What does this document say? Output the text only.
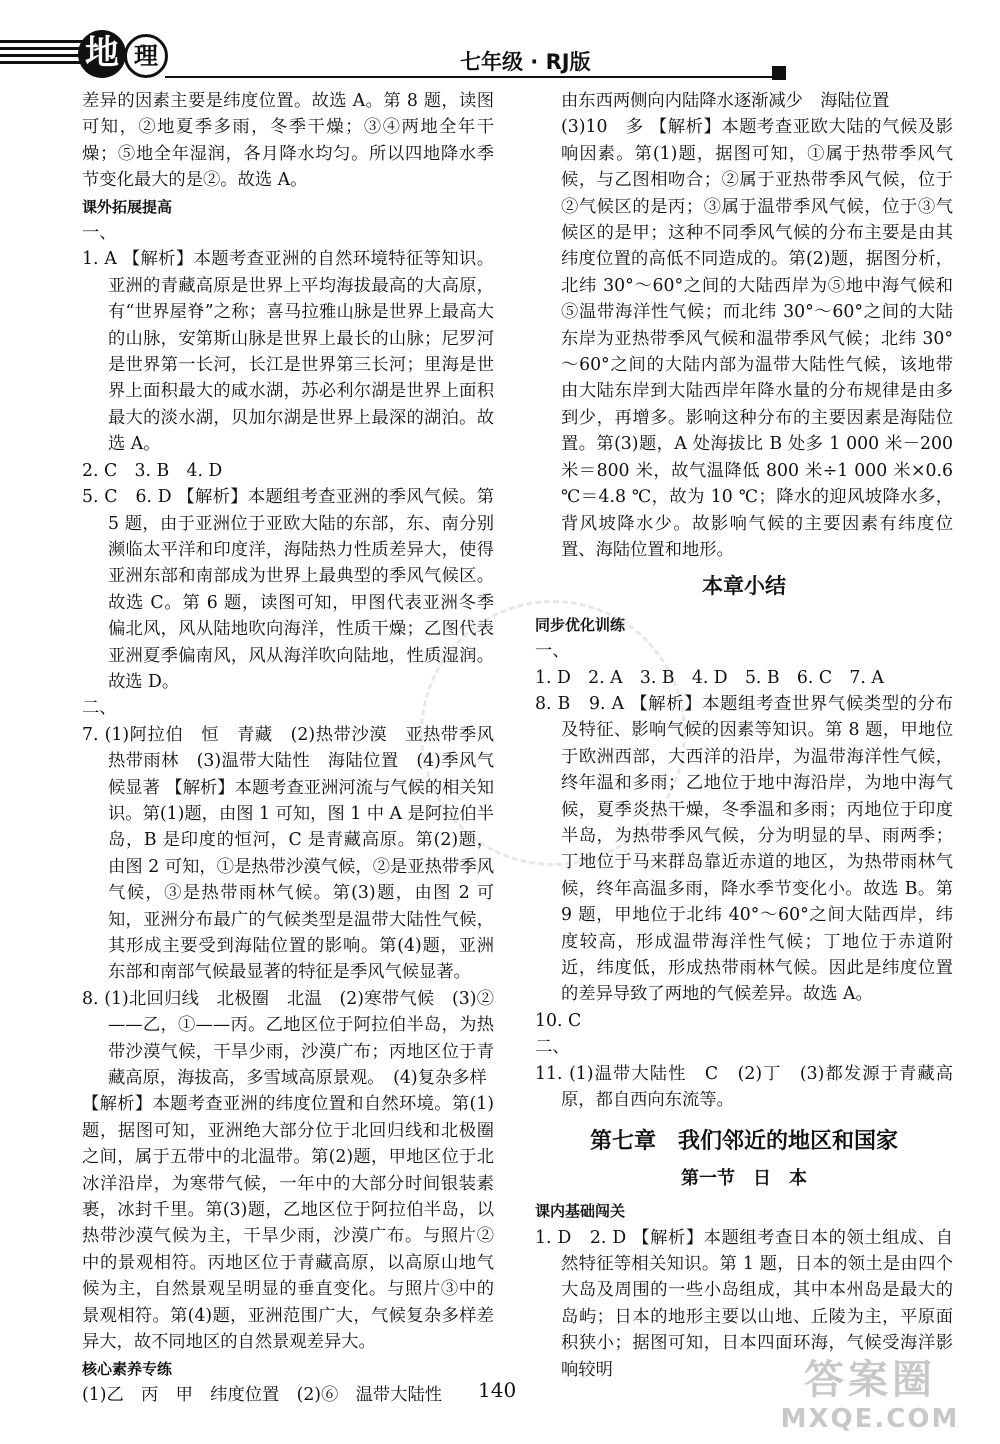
地 理	七年级 · RJ版

差异的因素主要是纬度位置。故选 A。第 8 题，读图可知，②地夏季多雨，冬季干燥；③④两地全年干燥；⑤地全年湿润，各月降水均匀。所以四地降水季节变化最大的是②。故选 A。

课外拓展提高

一、

1. A 【解析】本题考查亚洲的自然环境特征等知识。亚洲的青藏高原是世界上平均海拔最高的大高原，有“世界屋脊”之称；喜马拉雅山脉是世界上最高大的山脉，安第斯山脉是世界上最长的山脉；尼罗河是世界第一长河，长江是世界第三长河；里海是世界上面积最大的咸水湖，苏必利尔湖是世界上面积最大的淡水湖，贝加尔湖是世界上最深的湖泊。故选 A。

2. C　3. B　4. D

5. C　6. D 【解析】本题组考查亚洲的季风气候。第 5 题，由于亚洲位于亚欧大陆的东部，东、南分别濒临太平洋和印度洋，海陆热力性质差异大，使得亚洲东部和南部成为世界上最典型的季风气候区。故选 C。第 6 题，读图可知，甲图代表亚洲冬季偏北风，风从陆地吹向海洋，性质干燥；乙图代表亚洲夏季偏南风，风从海洋吹向陆地，性质湿润。故选 D。

二、

7. (1)阿拉伯　恒　青藏　(2)热带沙漠　亚热带季风　热带雨林　(3)温带大陆性　海陆位置　(4)季风气候显著 【解析】本题考查亚洲河流与气候的相关知识。第(1)题，由图 1 可知，图 1 中 A 是阿拉伯半岛，B 是印度的恒河，C 是青藏高原。第(2)题，由图 2 可知，①是热带沙漠气候，②是亚热带季风气候，③是热带雨林气候。第(3)题，由图 2 可知，亚洲分布最广的气候类型是温带大陆性气候，其形成主要受到海陆位置的影响。第(4)题，亚洲东部和南部气候最显著的特征是季风气候显著。

8. (1)北回归线　北极圈　北温　(2)寒带气候　(3)②——乙，①——丙。乙地区位于阿拉伯半岛，为热带沙漠气候，干旱少雨，沙漠广布；丙地区位于青藏高原，海拔高，多雪域高原景观。　(4)复杂多样

【解析】本题考查亚洲的纬度位置和自然环境。第(1)题，据图可知，亚洲绝大部分位于北回归线和北极圈之间，属于五带中的北温带。第(2)题，甲地区位于北冰洋沿岸，为寒带气候，一年中的大部分时间银装素裹，冰封千里。第(3)题，乙地区位于阿拉伯半岛，以热带沙漠气候为主，干旱少雨，沙漠广布。与照片②中的景观相符。丙地区位于青藏高原，以高原山地气候为主，自然景观呈明显的垂直变化。与照片③中的景观相符。第(4)题，亚洲范围广大，气候复杂多样差异大，故不同地区的自然景观差异大。

核心素养专练

(1)乙　丙　甲　纬度位置　(2)⑥　温带大陆性

由东西两侧向内陆降水逐渐减少　海陆位置

(3)10　多 【解析】本题考查亚欧大陆的气候及影响因素。第(1)题，据图可知，①属于热带季风气候，与乙图相吻合；②属于亚热带季风气候，位于②气候区的是丙；③属于温带季风气候，位于③气候区的是甲；这种不同季风气候的分布主要是由其纬度位置的高低不同造成的。第(2)题，据图分析，北纬 30°～60°之间的大陆西岸为⑤地中海气候和⑤温带海洋性气候；而北纬 30°～60°之间的大陆东岸为亚热带季风气候和温带季风气候；北纬 30°～60°之间的大陆内部为温带大陆性气候，该地带由大陆东岸到大陆西岸年降水量的分布规律是由多到少，再增多。影响这种分布的主要因素是海陆位置。第(3)题，A 处海拔比 B 处多 1 000 米－200 米＝800 米，故气温降低 800 米÷1 000 米×0.6 ℃＝4.8 ℃，故为 10 ℃；降水的迎风坡降水多，背风坡降水少。故影响气候的主要因素有纬度位置、海陆位置和地形。

本章小结

同步优化训练

一、

1. D　2. A　3. B　4. D　5. B　6. C　7. A

8. B　9. A 【解析】本题组考查世界气候类型的分布及特征、影响气候的因素等知识。第 8 题，甲地位于欧洲西部，大西洋的沿岸，为温带海洋性气候，终年温和多雨；乙地位于地中海沿岸，为地中海气候，夏季炎热干燥，冬季温和多雨；丙地位于印度半岛，为热带季风气候，分为明显的旱、雨两季；丁地位于马来群岛靠近赤道的地区，为热带雨林气候，终年高温多雨，降水季节变化小。故选 B。第 9 题，甲地位于北纬 40°～60°之间大陆西岸，纬度较高，形成温带海洋性气候；丁地位于赤道附近，纬度低，形成热带雨林气候。因此是纬度位置的差异导致了两地的气候差异。故选 A。

10. C

二、

11. (1)温带大陆性　C　(2)丁　(3)都发源于青藏高原，都自西向东流等。

第七章　我们邻近的地区和国家

第一节　日　本

课内基础闯关

1. D　2. D 【解析】本题组考查日本的领土组成、自然特征等相关知识。第 1 题，日本的领土是由四个大岛及周围的一些小岛组成，其中本州岛是最大的岛屿；日本的地形主要以山地、丘陵为主，平原面积狭小；据图可知，日本四面环海，气候受海洋影响较明

140	答案圈
MXQE.COM
